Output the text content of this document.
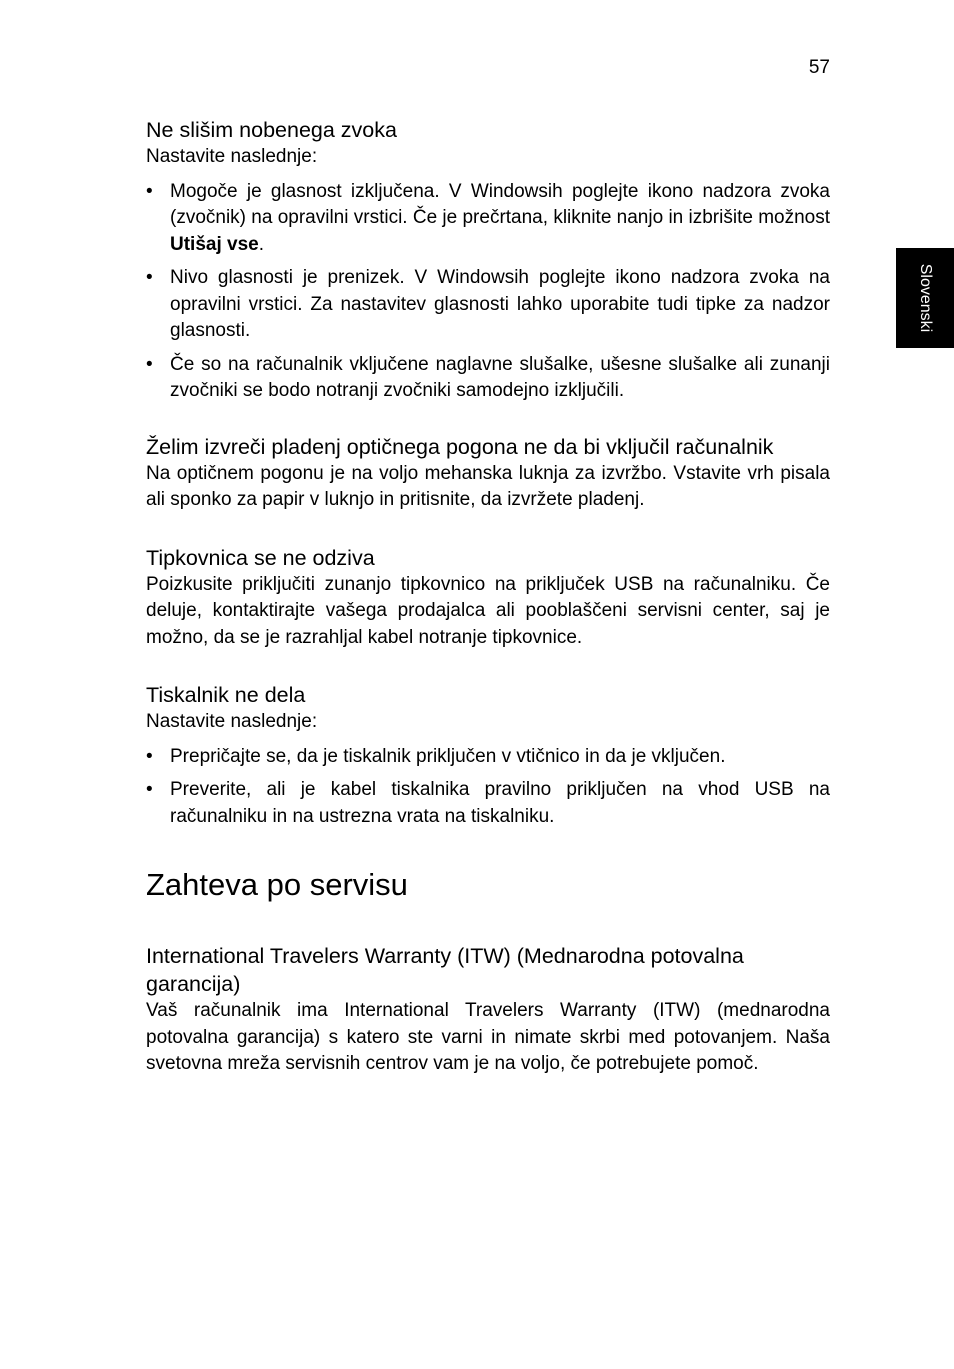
57
Slovenski
Ne slišim nobenega zvoka

Nastavite naslednje:

• Mogoče je glasnost izključena. V Windowsih poglejte ikono nadzora zvoka (zvočnik) na opravilni vrstici. Če je prečrtana, kliknite nanjo in izbrišite možnost Utišaj vse.
• Nivo glasnosti je prenizek. V Windowsih poglejte ikono nadzora zvoka na opravilni vrstici. Za nastavitev glasnosti lahko uporabite tudi tipke za nadzor glasnosti.
• Če so na računalnik vključene naglavne slušalke, ušesne slušalke ali zunanji zvočniki se bodo notranji zvočniki samodejno izključili.
Želim izvreči pladenj optičnega pogona ne da bi vključil računalnik

Na optičnem pogonu je na voljo mehanska luknja za izvržbo. Vstavite vrh pisala ali sponko za papir v luknjo in pritisnite, da izvržete pladenj.

Tipkovnica se ne odziva

Poizkusite priključiti zunanjo tipkovnico na priključek USB na računalniku. Če deluje, kontaktirajte vašega prodajalca ali pooblaščeni servisni center, saj je možno, da se je razrahljal kabel notranje tipkovnice.

Tiskalnik ne dela

Nastavite naslednje:

• Prepričajte se, da je tiskalnik priključen v vtičnico in da je vključen.
• Preverite, ali je kabel tiskalnika pravilno priključen na vhod USB na računalniku in na ustrezna vrata na tiskalniku.
Zahteva po servisu
International Travelers Warranty (ITW) (Mednarodna potovalna garancija)

Vaš računalnik ima International Travelers Warranty (ITW) (mednarodna potovalna garancija) s katero ste varni in nimate skrbi med potovanjem. Naša svetovna mreža servisnih centrov vam je na voljo, če potrebujete pomoč.
